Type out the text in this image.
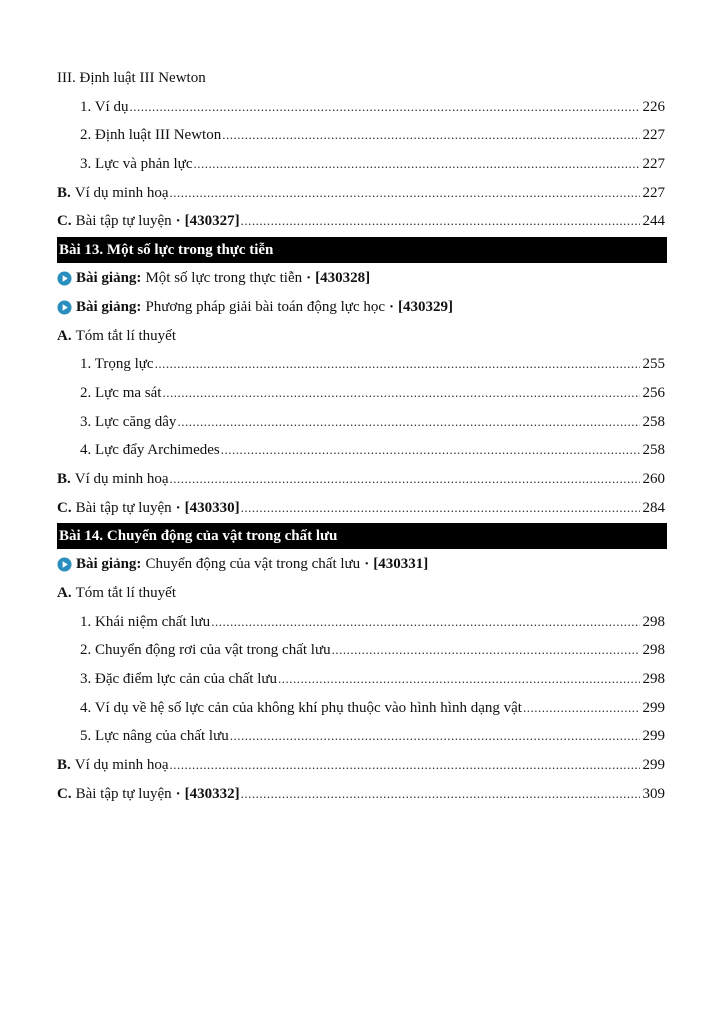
III. Định luật III Newton
1. Ví dụ .....	226
2. Định luật III Newton .....	227
3. Lực và phản lực .....	227
B. Ví dụ minh hoạ .....	227
C. Bài tập tự luyện · [430327] .....	244
Bài 13. Một số lực trong thực tiễn
Bài giảng: Một số lực trong thực tiễn · [430328]
Bài giảng: Phương pháp giải bài toán động lực học · [430329]
A. Tóm tắt lí thuyết
1. Trọng lực .....	255
2. Lực ma sát .....	256
3. Lực căng dây .....	258
4. Lực đẩy Archimedes .....	258
B. Ví dụ minh hoạ .....	260
C. Bài tập tự luyện · [430330] .....	284
Bài 14. Chuyển động của vật trong chất lưu
Bài giảng: Chuyển động của vật trong chất lưu · [430331]
A. Tóm tắt lí thuyết
1. Khái niệm chất lưu .....	298
2. Chuyển động rơi của vật trong chất lưu .....	298
3. Đặc điểm lực cản của chất lưu .....	298
4. Ví dụ về hệ số lực cản của không khí phụ thuộc vào hình hình dạng vật .....	299
5. Lực nâng của chất lưu .....	299
B. Ví dụ minh hoạ .....	299
C. Bài tập tự luyện · [430332] .....	309
